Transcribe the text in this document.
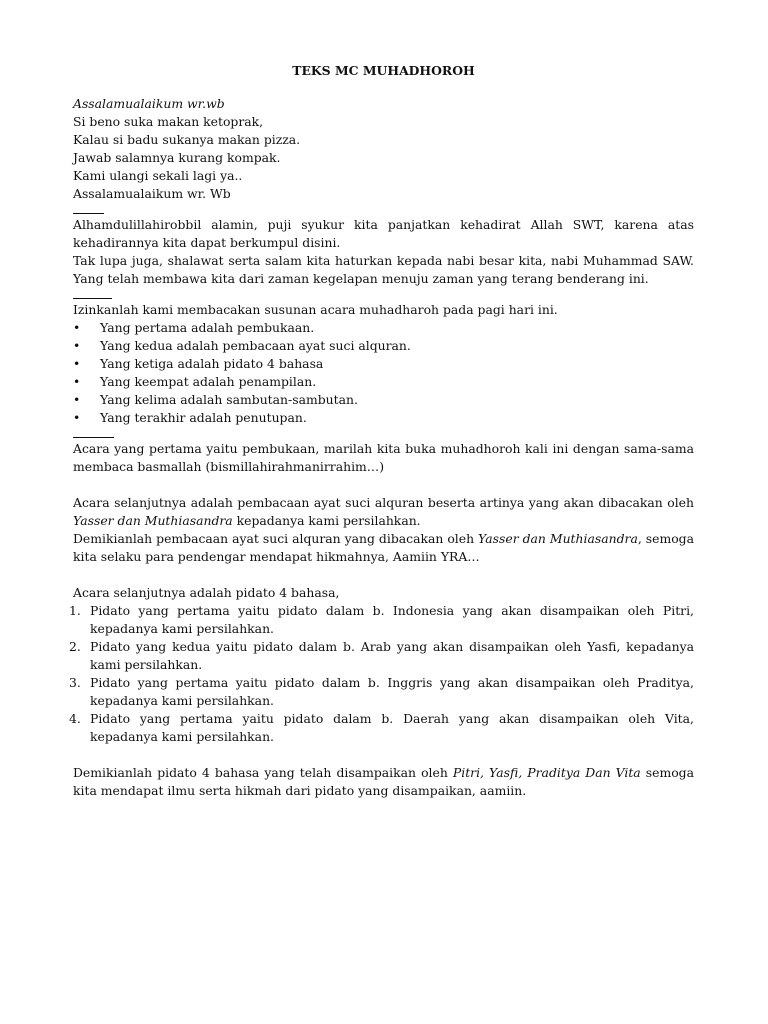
TEKS MC MUHADHOROH

Assalamualaikum wr.wb

Si beno suka makan ketoprak,

Kalau si badu sukanya makan pizza.

Jawab salamnya kurang kompak.

Kami ulangi sekali lagi ya..

Assalamualaikum wr. Wb

Alhamdulillahirobbil alamin, puji syukur kita panjatkan kehadirat Allah SWT, karena atas kehadirannya kita dapat berkumpul disini.

Tak lupa juga, shalawat serta salam kita haturkan kepada nabi besar kita, nabi Muhammad SAW. Yang telah membawa kita dari zaman kegelapan menuju zaman yang terang benderang ini.

Izinkanlah kami membacakan susunan acara muhadharoh pada pagi hari ini.

• Yang pertama adalah pembukaan.
• Yang kedua adalah pembacaan ayat suci alquran.
• Yang ketiga adalah pidato 4 bahasa
• Yang keempat adalah penampilan.
• Yang kelima adalah sambutan-sambutan.
• Yang terakhir adalah penutupan.

Acara yang pertama yaitu pembukaan, marilah kita buka muhadhoroh kali ini dengan sama-sama membaca basmallah (bismillahirahmanirrahim…)

Acara selanjutnya adalah pembacaan ayat suci alquran beserta artinya yang akan dibacakan oleh Yasser dan Muthiasandra kepadanya kami persilahkan.

Demikianlah pembacaan ayat suci alquran yang dibacakan oleh Yasser dan Muthiasandra, semoga kita selaku para pendengar mendapat hikmahnya, Aamiin YRA…

Acara selanjutnya adalah pidato 4 bahasa,

1. Pidato yang pertama yaitu pidato dalam b. Indonesia yang akan disampaikan oleh Pitri, kepadanya kami persilahkan.
2. Pidato yang kedua yaitu pidato dalam b. Arab yang akan disampaikan oleh Yasfi, kepadanya kami persilahkan.
3. Pidato yang pertama yaitu pidato dalam b. Inggris yang akan disampaikan oleh Praditya, kepadanya kami persilahkan.
4. Pidato yang pertama yaitu pidato dalam b. Daerah yang akan disampaikan oleh Vita, kepadanya kami persilahkan.

Demikianlah pidato 4 bahasa yang telah disampaikan oleh Pitri, Yasfi, Praditya Dan Vita semoga kita mendapat ilmu serta hikmah dari pidato yang disampaikan, aamiin.
